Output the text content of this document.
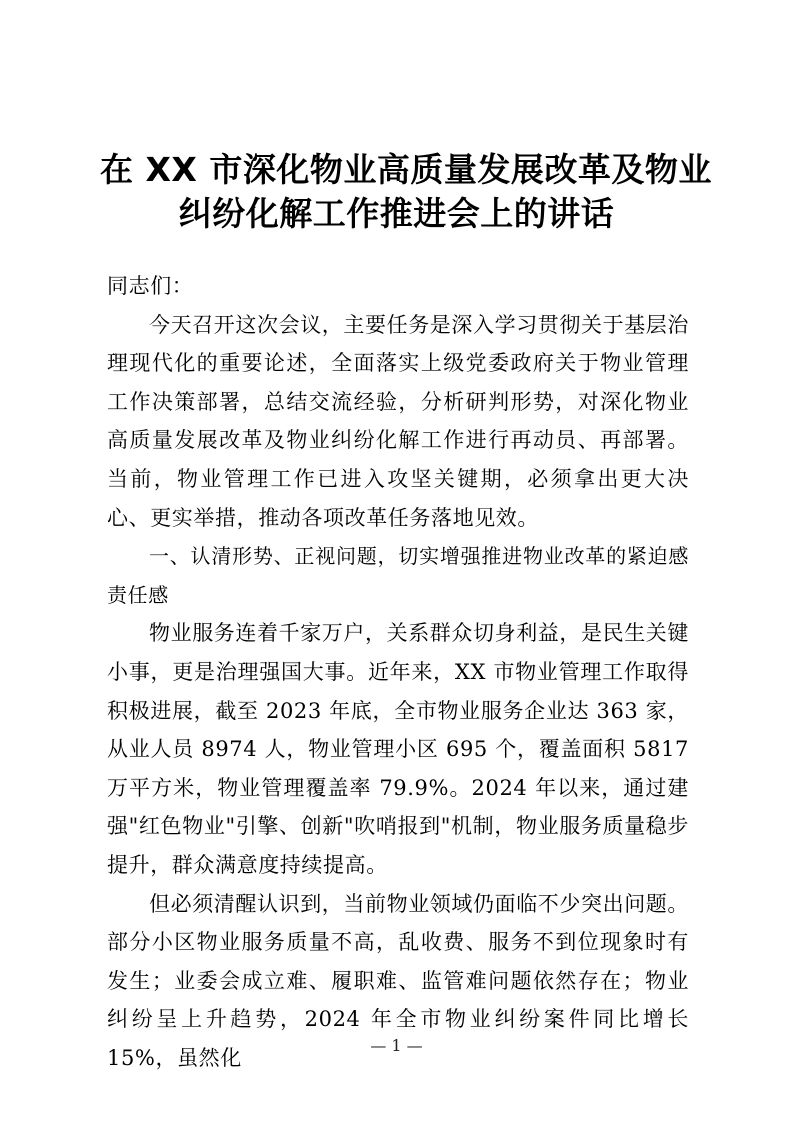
在 XX 市深化物业高质量发展改革及物业
纠纷化解工作推进会上的讲话

同志们：

今天召开这次会议，主要任务是深入学习贯彻关于基层治理现代化的重要论述，全面落实上级党委政府关于物业管理工作决策部署，总结交流经验，分析研判形势，对深化物业高质量发展改革及物业纠纷化解工作进行再动员、再部署。当前，物业管理工作已进入攻坚关键期，必须拿出更大决心、更实举措，推动各项改革任务落地见效。

一、认清形势、正视问题，切实增强推进物业改革的紧迫感责任感

物业服务连着千家万户，关系群众切身利益，是民生关键小事，更是治理强国大事。近年来，XX 市物业管理工作取得积极进展，截至 2023 年底，全市物业服务企业达 363 家，从业人员 8974 人，物业管理小区 695 个，覆盖面积 5817 万平方米，物业管理覆盖率 79.9%。2024 年以来，通过建强"红色物业"引擎、创新"吹哨报到"机制，物业服务质量稳步提升，群众满意度持续提高。

但必须清醒认识到，当前物业领域仍面临不少突出问题。部分小区物业服务质量不高，乱收费、服务不到位现象时有发生；业委会成立难、履职难、监管难问题依然存在；物业纠纷呈上升趋势，2024 年全市物业纠纷案件同比增长 15%，虽然化

— 1 —
